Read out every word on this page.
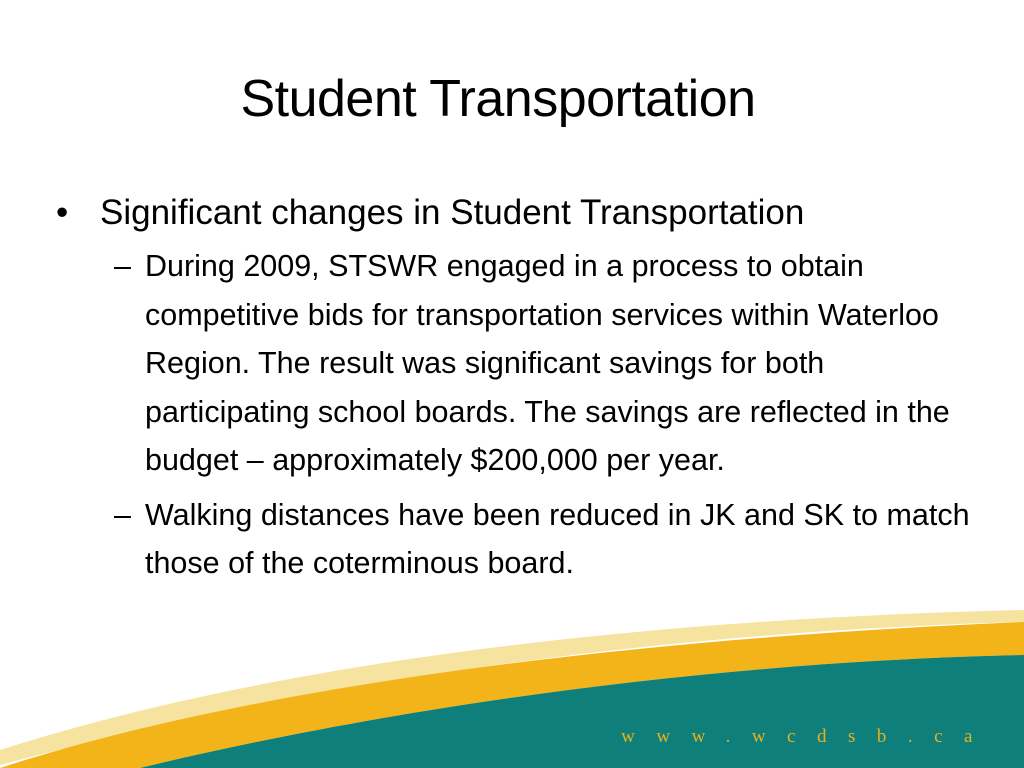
Student Transportation
• Significant changes in Student Transportation
– During 2009, STSWR engaged in a process to obtain competitive bids for transportation services within Waterloo Region. The result was significant savings for both participating school boards. The savings are reflected in the budget – approximately $200,000 per year.
– Walking distances have been reduced in JK and SK to match those of the coterminous board.
www.wcdsb.ca
